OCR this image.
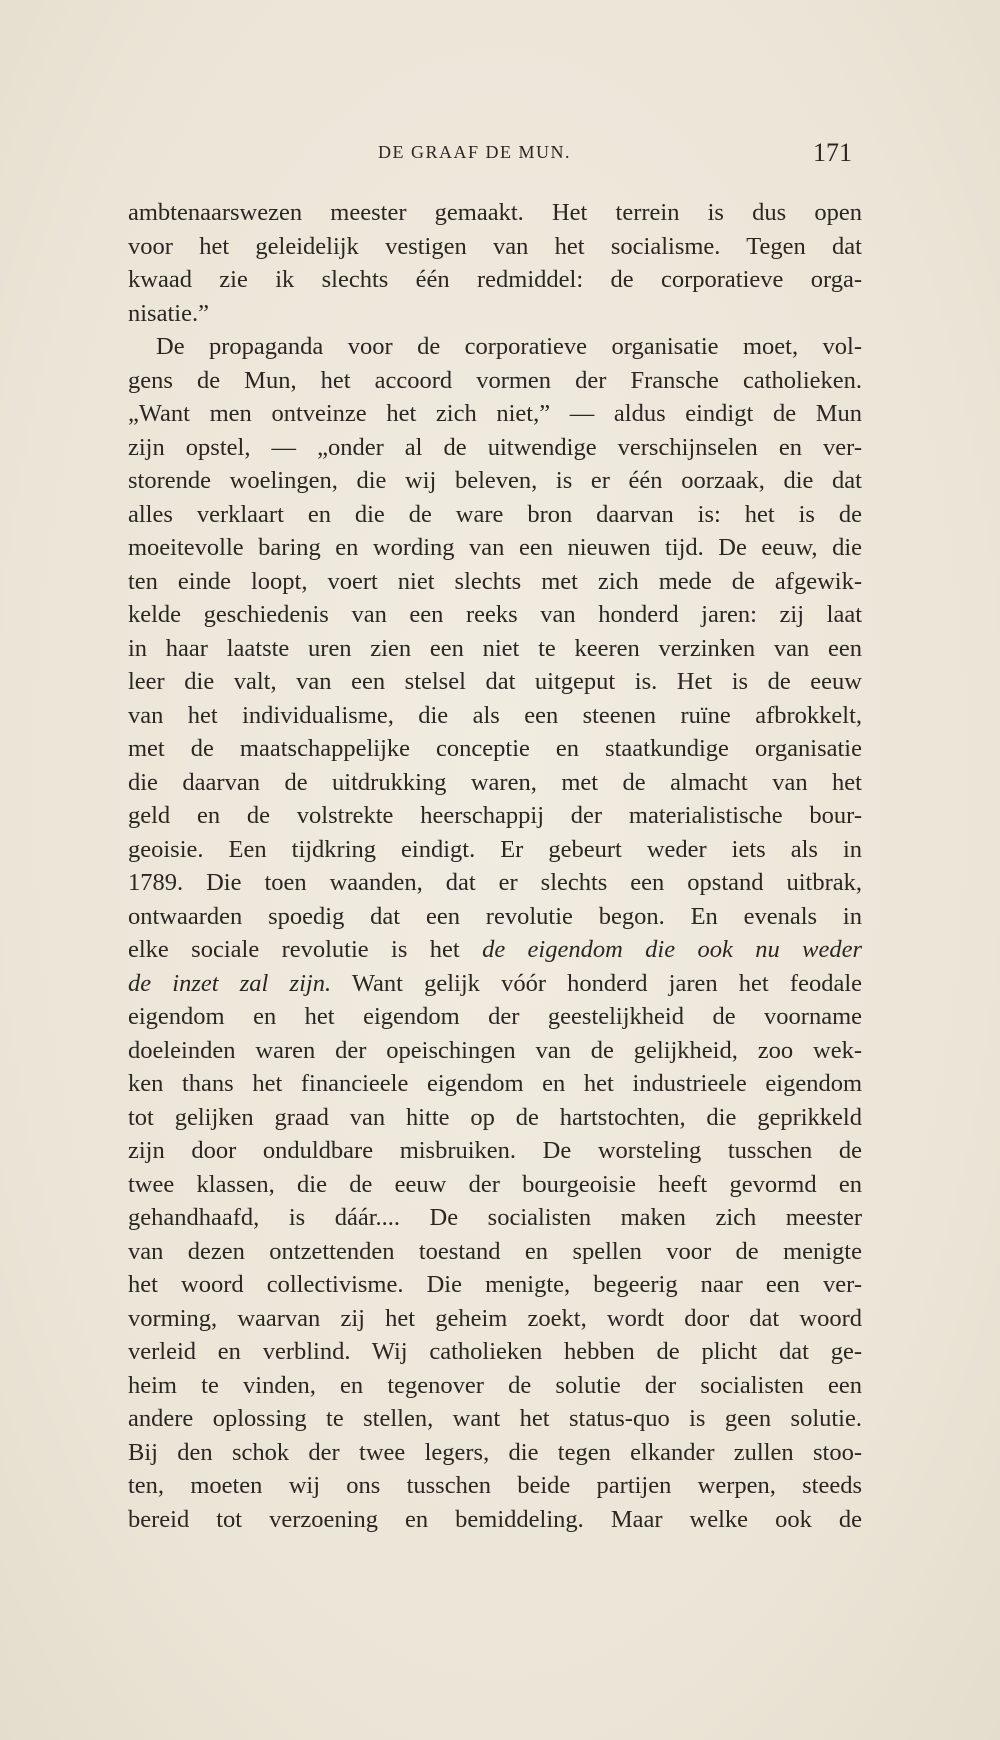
DE GRAAF DE MUN.	171
ambtenaarswezen meester gemaakt. Het terrein is dus open
voor het geleidelijk vestigen van het socialisme. Tegen dat
kwaad zie ik slechts één redmiddel: de corporatieve orga-
nisatie.”
De propaganda voor de corporatieve organisatie moet, vol-
gens de Mun, het accoord vormen der Fransche catholieken.
„Want men ontveinze het zich niet,” — aldus eindigt de Mun
zijn opstel, — „onder al de uitwendige verschijnselen en ver-
storende woelingen, die wij beleven, is er één oorzaak, die dat
alles verklaart en die de ware bron daarvan is: het is de
moeitevolle baring en wording van een nieuwen tijd. De eeuw, die
ten einde loopt, voert niet slechts met zich mede de afgewik-
kelde geschiedenis van een reeks van honderd jaren: zij laat
in haar laatste uren zien een niet te keeren verzinken van een
leer die valt, van een stelsel dat uitgeput is. Het is de eeuw
van het individualisme, die als een steenen ruïne afbrokkelt,
met de maatschappelijke conceptie en staatkundige organisatie
die daarvan de uitdrukking waren, met de almacht van het
geld en de volstrekte heerschappij der materialistische bour-
geoisie. Een tijdkring eindigt. Er gebeurt weder iets als in
1789. Die toen waanden, dat er slechts een opstand uitbrak,
ontwaarden spoedig dat een revolutie begon. En evenals in
elke sociale revolutie is het de eigendom die ook nu weder
de inzet zal zijn. Want gelijk vóór honderd jaren het feodale
eigendom en het eigendom der geestelijkheid de voorname
doeleinden waren der opeischingen van de gelijkheid, zoo wek-
ken thans het financieele eigendom en het industrieele eigendom
tot gelijken graad van hitte op de hartstochten, die geprikkeld
zijn door onduldbare misbruiken. De worsteling tusschen de
twee klassen, die de eeuw der bourgeoisie heeft gevormd en
gehandhaafd, is dáár.... De socialisten maken zich meester
van dezen ontzettenden toestand en spellen voor de menigte
het woord collectivisme. Die menigte, begeerig naar een ver-
vorming, waarvan zij het geheim zoekt, wordt door dat woord
verleid en verblind. Wij catholieken hebben de plicht dat ge-
heim te vinden, en tegenover de solutie der socialisten een
andere oplossing te stellen, want het status-quo is geen solutie.
Bij den schok der twee legers, die tegen elkander zullen stoo-
ten, moeten wij ons tusschen beide partijen werpen, steeds
bereid tot verzoening en bemiddeling. Maar welke ook de
